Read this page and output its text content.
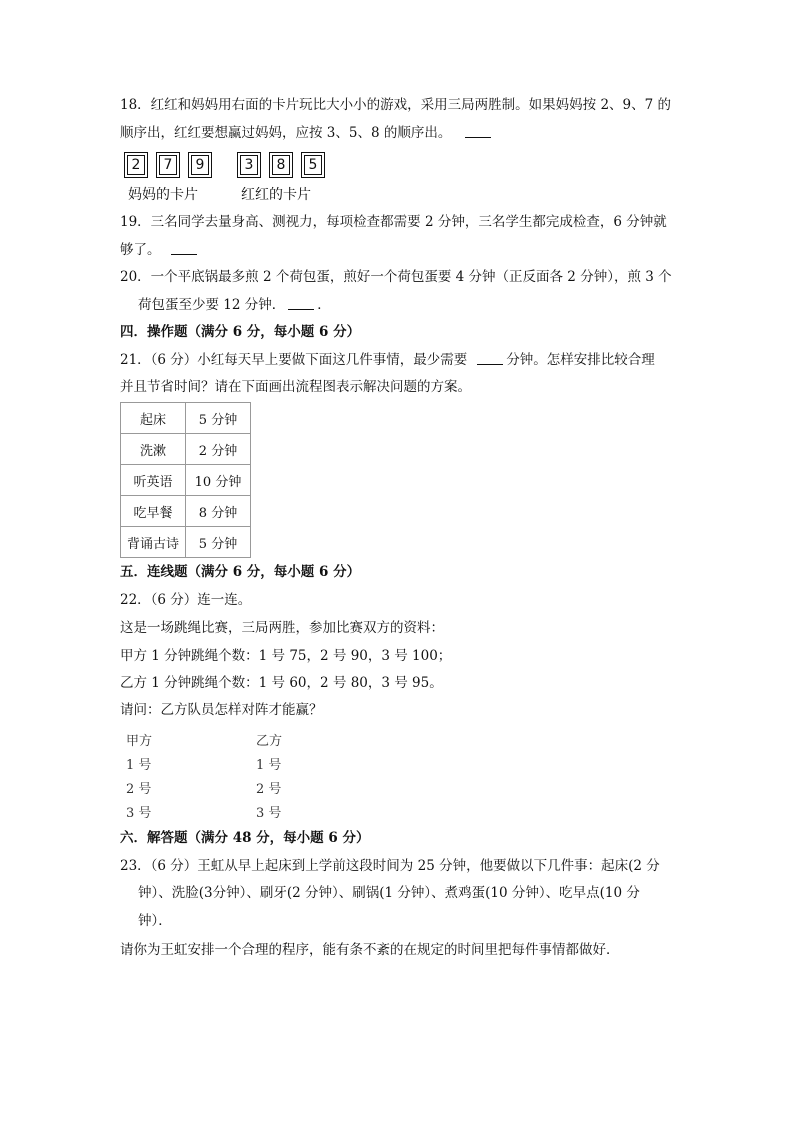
18．红红和妈妈用右面的卡片玩比大小小的游戏，采用三局两胜制。如果妈妈按 2、9、7 的
顺序出，红红要想赢过妈妈，应按 3、5、8 的顺序出。
2	7	9	3	8	5
妈妈的卡片	红红的卡片
19．三名同学去量身高、测视力，每项检查都需要 2 分钟，三名学生都完成检查，6 分钟就
够了。
20．一个平底锅最多煎 2 个荷包蛋，煎好一个荷包蛋要 4 分钟（正反面各 2 分钟），煎 3 个
荷包蛋至少要 12 分钟． ．
四．操作题（满分 6 分，每小题 6 分）
21．（6 分）小红每天早上要做下面这几件事情，最少需要	分钟。怎样安排比较合理
并且节省时间？请在下面画出流程图表示解决问题的方案。
起床	5 分钟
洗漱	2 分钟
听英语	10 分钟
吃早餐	8 分钟
背诵古诗	5 分钟
五．连线题（满分 6 分，每小题 6 分）
22．（6 分）连一连。
这是一场跳绳比赛，三局两胜，参加比赛双方的资料：
甲方 1 分钟跳绳个数：1 号 75，2 号 90，3 号 100；
乙方 1 分钟跳绳个数：1 号 60，2 号 80，3 号 95。
请问：乙方队员怎样对阵才能赢？
甲方	乙方
1 号	1 号
2 号	2 号
3 号	3 号
六．解答题（满分 48 分，每小题 6 分）
23．（6 分）王虹从早上起床到上学前这段时间为 25 分钟，他要做以下几件事：起床(2 分
钟）、洗脸(3分钟）、刷牙(2 分钟）、刷锅(1 分钟）、煮鸡蛋(10 分钟）、吃早点(10 分
钟）．
请你为王虹安排一个合理的程序，能有条不紊的在规定的时间里把每件事情都做好．
